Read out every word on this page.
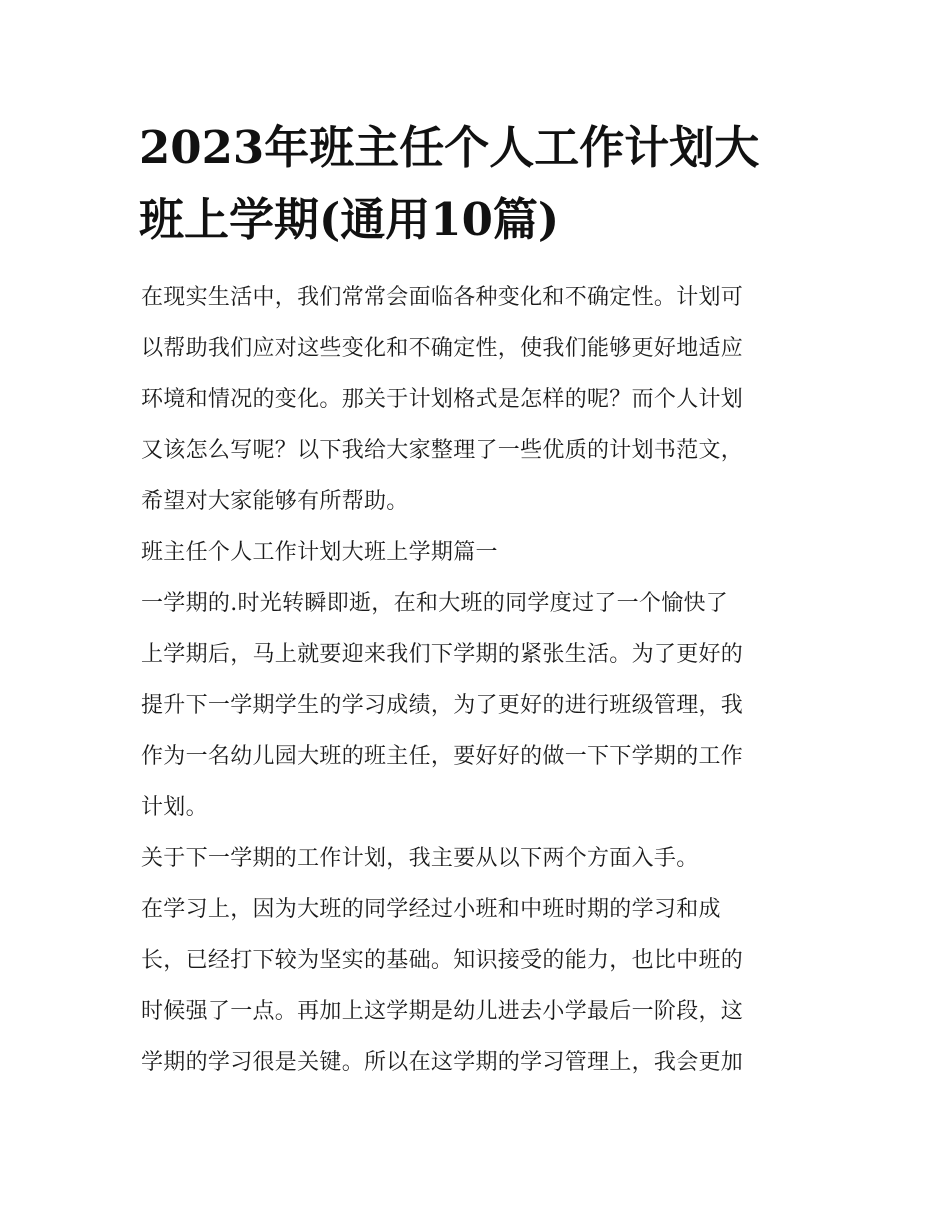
2023年班主任个人工作计划大
班上学期(通用10篇)

在现实生活中，我们常常会面临各种变化和不确定性。计划可

以帮助我们应对这些变化和不确定性，使我们能够更好地适应

环境和情况的变化。那关于计划格式是怎样的呢？而个人计划

又该怎么写呢？以下我给大家整理了一些优质的计划书范文，

希望对大家能够有所帮助。

班主任个人工作计划大班上学期篇一

一学期的.时光转瞬即逝，在和大班的同学度过了一个愉快了

上学期后，马上就要迎来我们下学期的紧张生活。为了更好的

提升下一学期学生的学习成绩，为了更好的进行班级管理，我

作为一名幼儿园大班的班主任，要好好的做一下下学期的工作

计划。

关于下一学期的工作计划，我主要从以下两个方面入手。

在学习上，因为大班的同学经过小班和中班时期的学习和成

长，已经打下较为坚实的基础。知识接受的能力，也比中班的

时候强了一点。再加上这学期是幼儿进去小学最后一阶段，这

学期的学习很是关键。所以在这学期的学习管理上，我会更加
